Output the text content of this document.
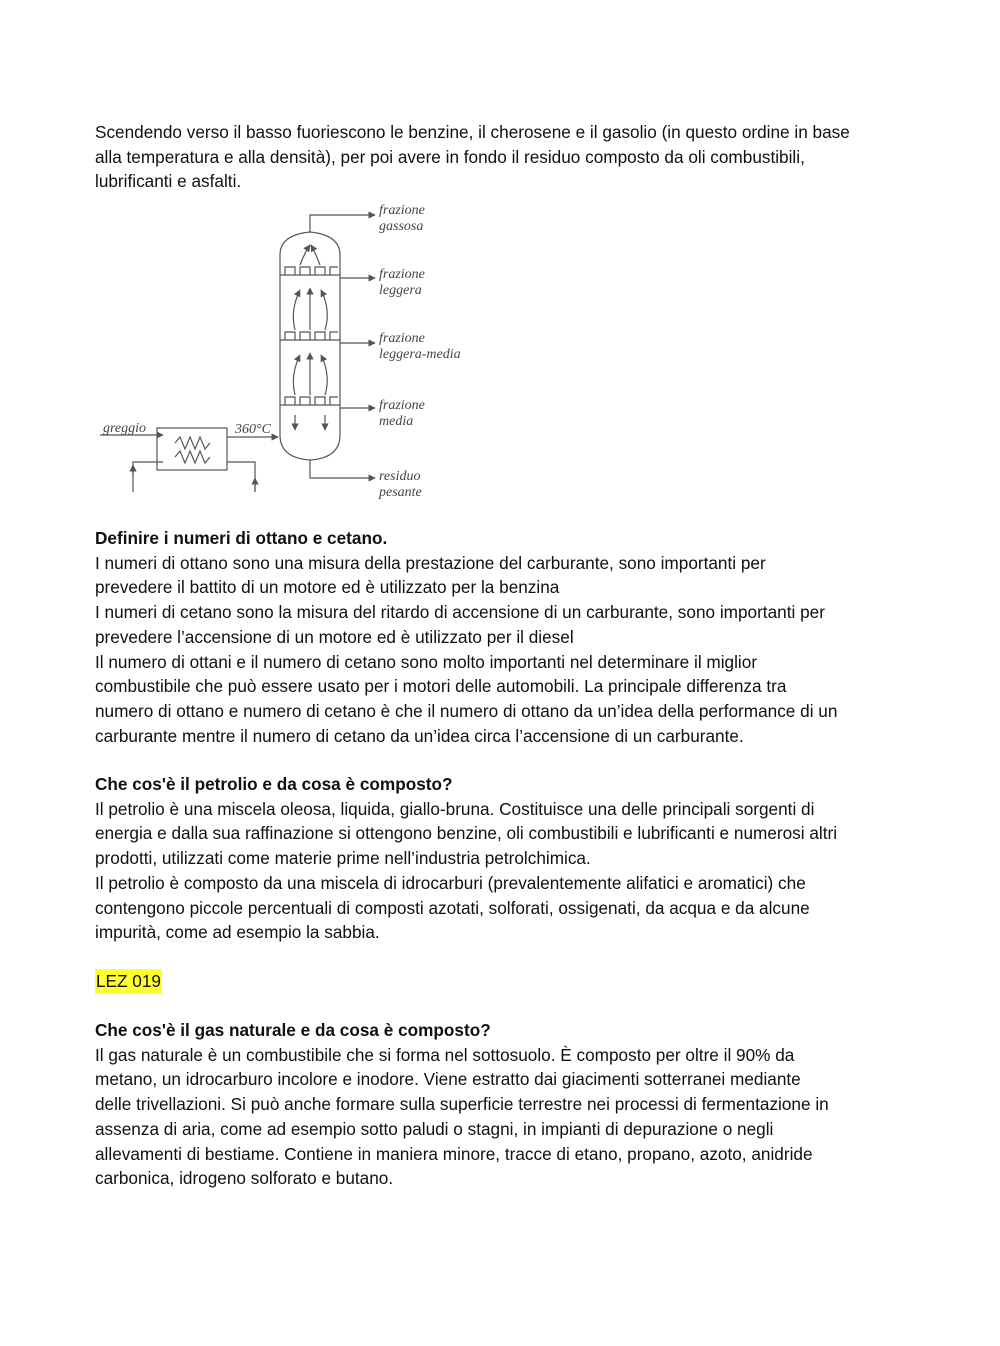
Scendendo verso il basso fuoriescono le benzine, il cherosene e il gasolio (in questo ordine in base

alla temperatura e alla densità), per poi avere in fondo il residuo composto da oli combustibili,

lubrificanti e asfalti.

frazione
gassosa
frazione
leggera
frazione
leggera-media
frazione
media
residuo
pesante
greggio	360°C

Definire i numeri di ottano e cetano.

I numeri di ottano sono una misura della prestazione del carburante, sono importanti per

prevedere il battito di un motore ed è utilizzato per la benzina

I numeri di cetano sono la misura del ritardo di accensione di un carburante, sono importanti per

prevedere l’accensione di un motore ed è utilizzato per il diesel

Il numero di ottani e il numero di cetano sono molto importanti nel determinare il miglior

combustibile che può essere usato per i motori delle automobili. La principale differenza tra

numero di ottano e numero di cetano è che il numero di ottano da un’idea della performance di un

carburante mentre il numero di cetano da un’idea circa l’accensione di un carburante.

Che cos'è il petrolio e da cosa è composto?

Il petrolio è una miscela oleosa, liquida, giallo-bruna. Costituisce una delle principali sorgenti di

energia e dalla sua raffinazione si ottengono benzine, oli combustibili e lubrificanti e numerosi altri

prodotti, utilizzati come materie prime nell’industria petrolchimica.

Il petrolio è composto da una miscela di idrocarburi (prevalentemente alifatici e aromatici) che

contengono piccole percentuali di composti azotati, solforati, ossigenati, da acqua e da alcune

impurità, come ad esempio la sabbia.

LEZ 019

Che cos'è il gas naturale e da cosa è composto?

Il gas naturale è un combustibile che si forma nel sottosuolo. È composto per oltre il 90% da

metano, un idrocarburo incolore e inodore. Viene estratto dai giacimenti sotterranei mediante

delle trivellazioni. Si può anche formare sulla superficie terrestre nei processi di fermentazione in

assenza di aria, come ad esempio sotto paludi o stagni, in impianti di depurazione o negli

allevamenti di bestiame. Contiene in maniera minore, tracce di etano, propano, azoto, anidride

carbonica, idrogeno solforato e butano.
